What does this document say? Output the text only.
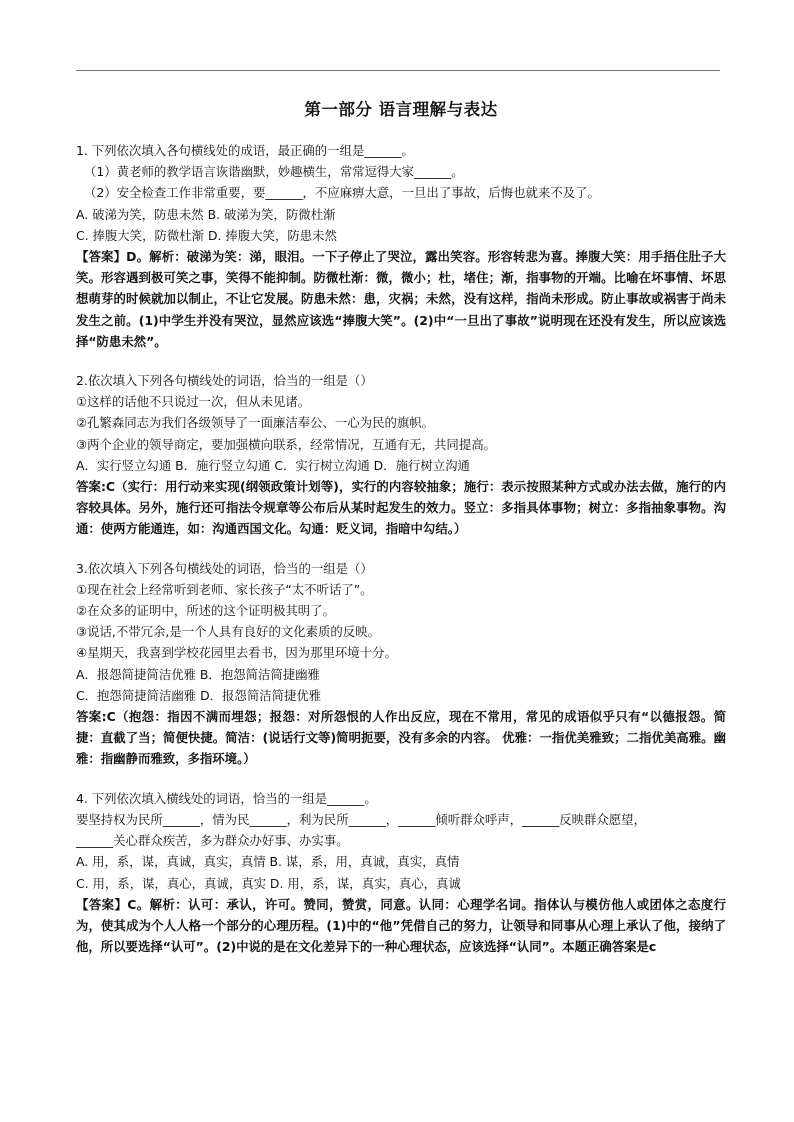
第一部分 语言理解与表达
1. 下列依次填入各句横线处的成语，最正确的一组是______。
（1）黄老师的教学语言诙谐幽默，妙趣横生，常常逗得大家______。
（2）安全检查工作非常重要，要______，不应麻痹大意，一旦出了事故，后悔也就来不及了。
A. 破涕为笑，防患未然 B. 破涕为笑，防微杜渐
C. 捧腹大笑，防微杜渐 D. 捧腹大笑，防患未然
【答案】D。解析：破涕为笑：涕，眼泪。一下子停止了哭泣，露出笑容。形容转悲为喜。捧腹大笑：用手捂住肚子大笑。形容遇到极可笑之事，笑得不能抑制。防微杜渐：微，微小；杜，堵住；渐，指事物的开端。比喻在坏事情、坏思想萌芽的时候就加以制止，不让它发展。防患未然：患，灾祸；未然，没有这样，指尚未形成。防止事故或祸害于尚未发生之前。(1)中学生并没有哭泣，显然应该选“捧腹大笑”。(2)中“一旦出了事故”说明现在还没有发生，所以应该选择“防患未然”。
2.依次填入下列各句横线处的词语，恰当的一组是（）
①这样的话他不只说过一次，但从未见诸。
②孔繁森同志为我们各级领导了一面廉洁奉公、一心为民的旗帜。
③两个企业的领导商定，要加强横向联系，经常情况，互通有无，共同提高。
A．实行竖立勾通 B．施行竖立勾通 C．实行树立沟通 D．施行树立沟通
答案:C（实行：用行动来实现(纲领政策计划等)，实行的内容较抽象；施行：表示按照某种方式或办法去做，施行的内容较具体。另外，施行还可指法令规章等公布后从某时起发生的效力。竖立：多指具体事物；树立：多指抽象事物。沟通：使两方能通连，如：沟通西国文化。勾通：贬义词，指暗中勾结。）
3.依次填入下列各句横线处的词语，恰当的一组是（）
①现在社会上经常听到老师、家长孩子“太不听话了”。
②在众多的证明中，所述的这个证明极其明了。
③说话,不带冗余,是一个人具有良好的文化素质的反映。
④星期天，我喜到学校花园里去看书，因为那里环境十分。
A．报怨简捷简洁优雅 B．抱怨简洁简捷幽雅
C．抱怨简捷简洁幽雅 D．报怨简洁简捷优雅
答案:C（抱怨：指因不满而埋怨；报怨：对所怨恨的人作出反应，现在不常用，常见的成语似乎只有“以德报怨。简捷：直截了当；简便快捷。简洁：(说话行文等)简明扼要，没有多余的内容。 优雅：一指优美雅致；二指优美高雅。幽雅：指幽静而雅致，多指环境。）
4. 下列依次填入横线处的词语，恰当的一组是______。
要坚持权为民所______，情为民______，利为民所______，______倾听群众呼声，______反映群众愿望，
______关心群众疾苦，多为群众办好事、办实事。
A. 用，系，谋，真诚，真实，真情 B. 谋，系，用，真诚，真实，真情
C. 用，系，谋，真心，真诚，真实 D. 用，系，谋，真实，真心，真诚
【答案】C。解析：认可：承认，许可。赞同，赞赏，同意。认同：心理学名词。指体认与模仿他人或团体之态度行为，使其成为个人人格一个部分的心理历程。(1)中的“他”凭借自己的努力，让领导和同事从心理上承认了他，接纳了他，所以要选择“认可”。(2)中说的是在文化差异下的一种心理状态，应该选择“认同”。本题正确答案是c
